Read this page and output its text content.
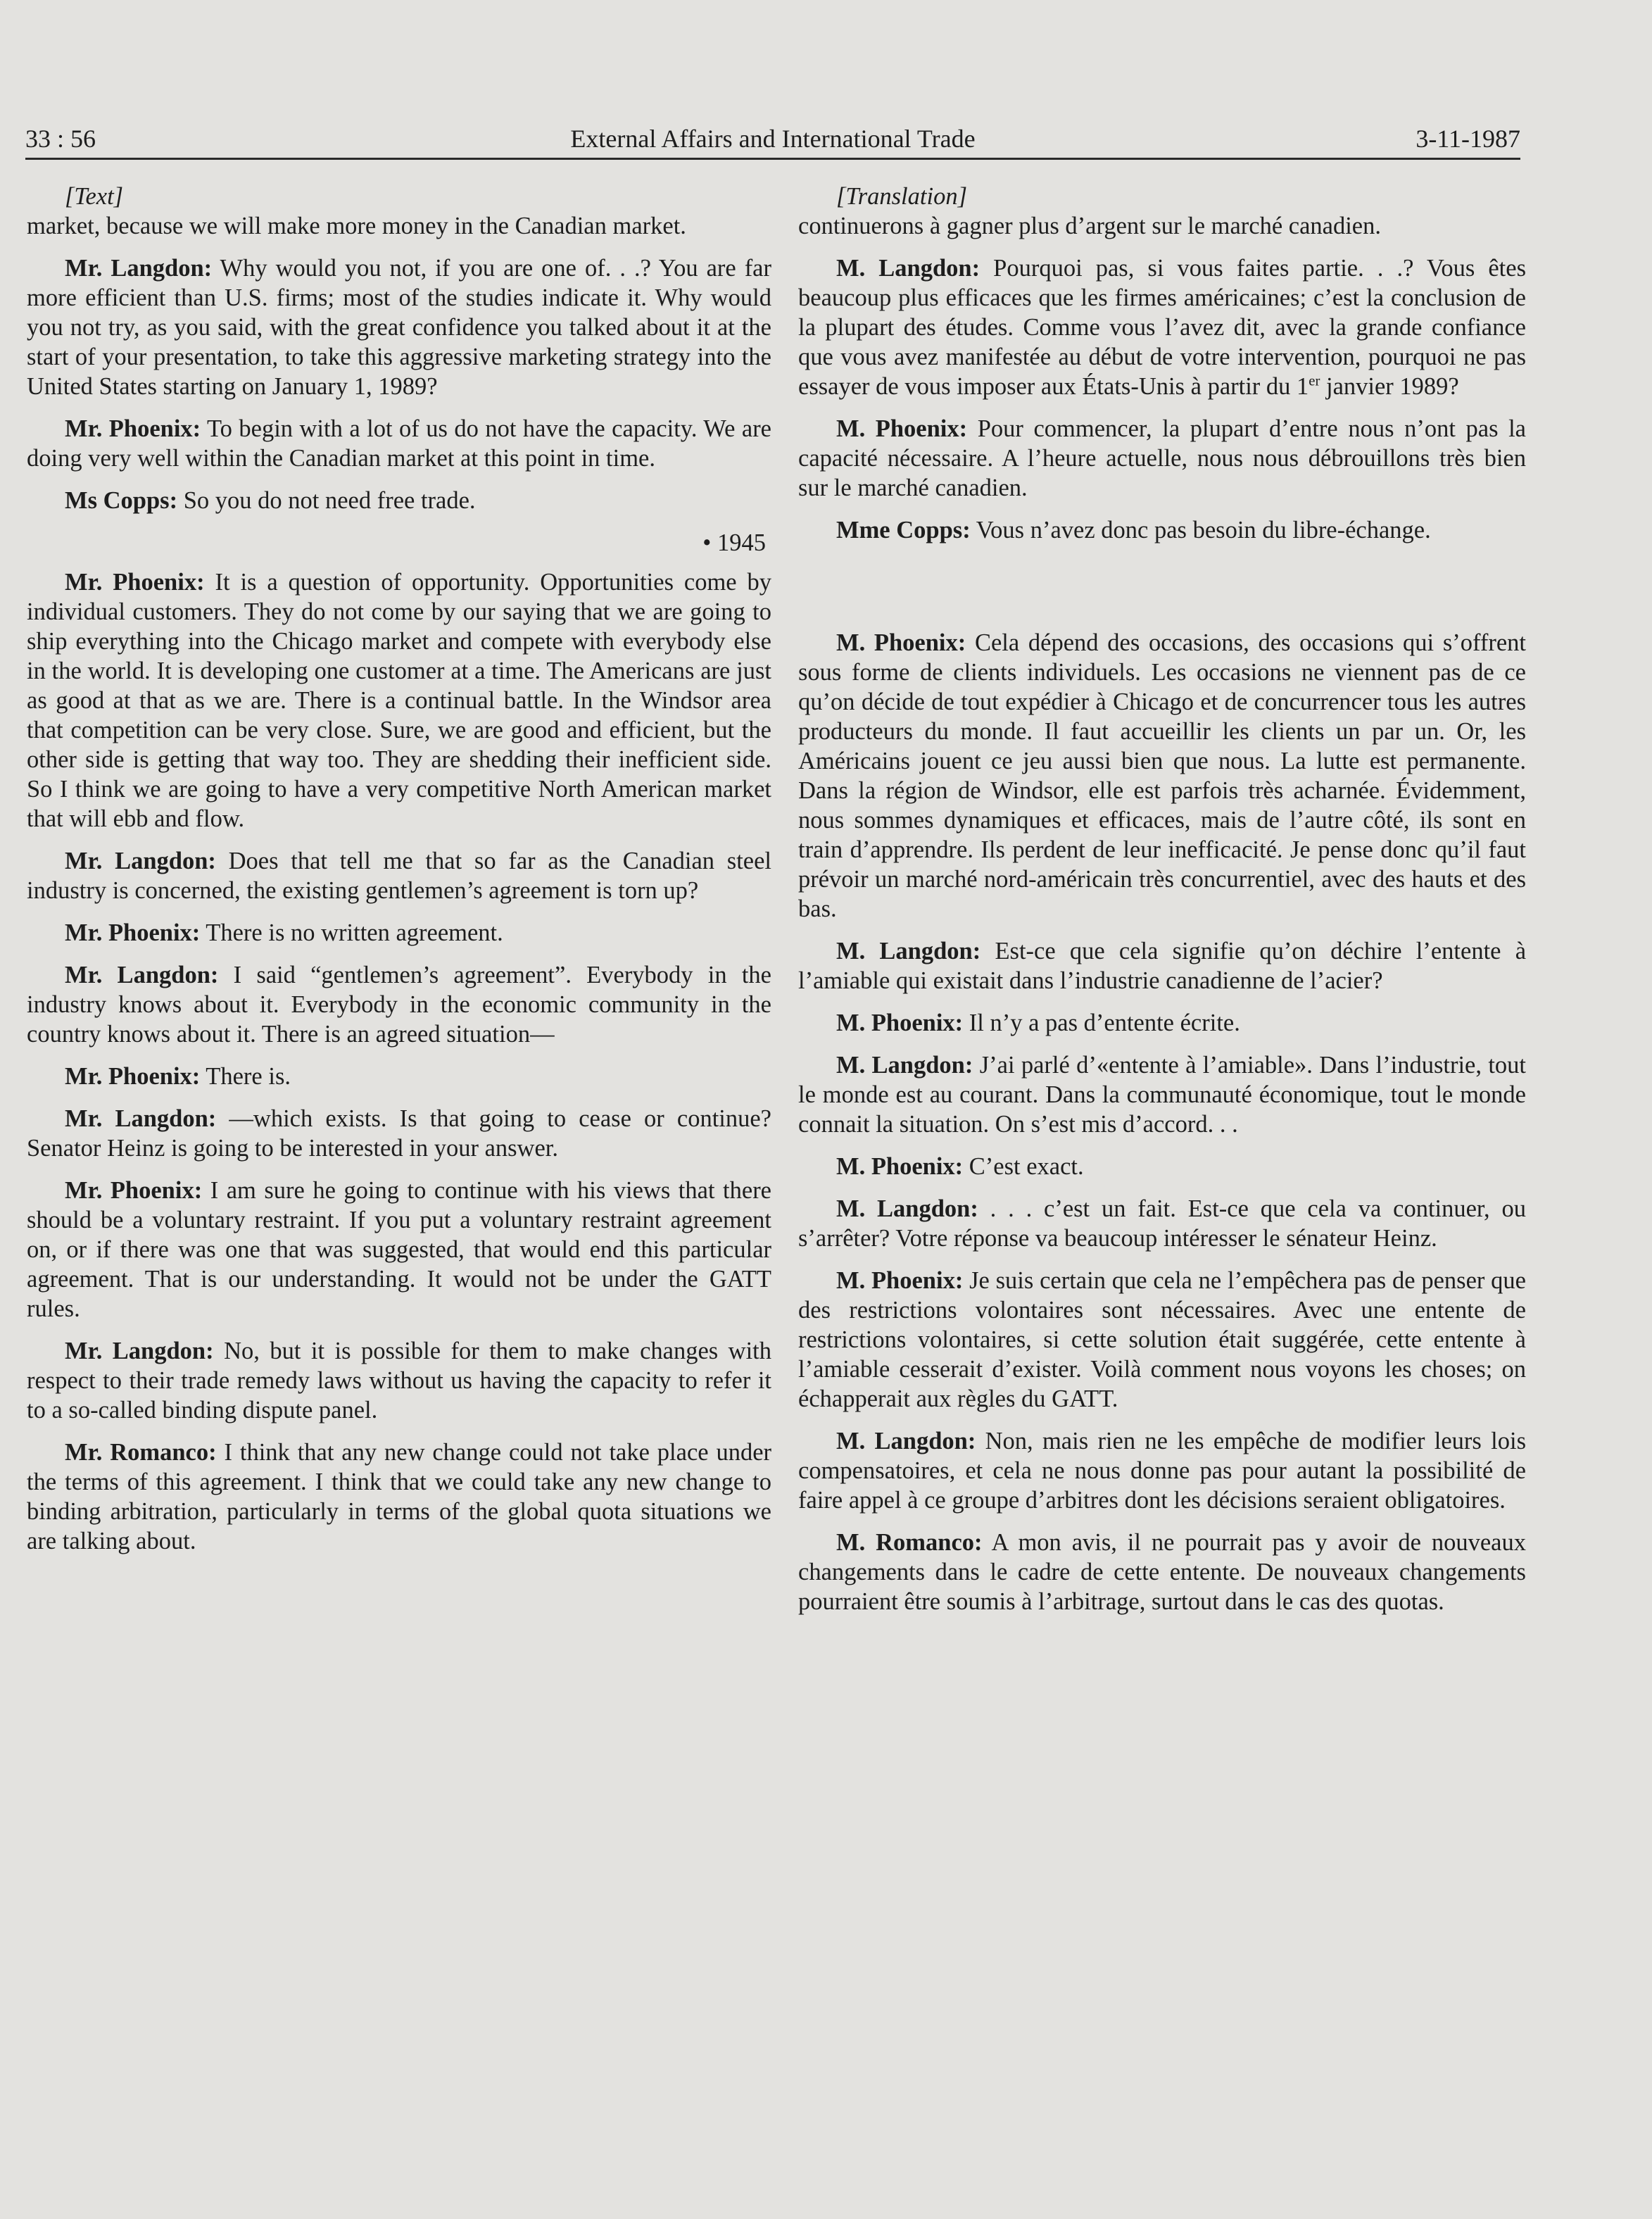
33 : 56	External Affairs and International Trade	3-11-1987

[Text]

market, because we will make more money in the Canadian market.

Mr. Langdon: Why would you not, if you are one of. . .? You are far more efficient than U.S. firms; most of the studies indicate it. Why would you not try, as you said, with the great confidence you talked about it at the start of your presentation, to take this aggressive marketing strategy into the United States starting on January 1, 1989?

Mr. Phoenix: To begin with a lot of us do not have the capacity. We are doing very well within the Canadian market at this point in time.

Ms Copps: So you do not need free trade.

• 1945

Mr. Phoenix: It is a question of opportunity. Opportunities come by individual customers. They do not come by our saying that we are going to ship everything into the Chicago market and compete with everybody else in the world. It is developing one customer at a time. The Americans are just as good at that as we are. There is a continual battle. In the Windsor area that competition can be very close. Sure, we are good and efficient, but the other side is getting that way too. They are shedding their inefficient side. So I think we are going to have a very competitive North American market that will ebb and flow.

Mr. Langdon: Does that tell me that so far as the Canadian steel industry is concerned, the existing gentlemen’s agreement is torn up?

Mr. Phoenix: There is no written agreement.

Mr. Langdon: I said “gentlemen’s agreement”. Everybody in the industry knows about it. Everybody in the economic community in the country knows about it. There is an agreed situation—

Mr. Phoenix: There is.

Mr. Langdon: —which exists. Is that going to cease or continue? Senator Heinz is going to be interested in your answer.

Mr. Phoenix: I am sure he going to continue with his views that there should be a voluntary restraint. If you put a voluntary restraint agreement on, or if there was one that was suggested, that would end this particular agreement. That is our understanding. It would not be under the GATT rules.

Mr. Langdon: No, but it is possible for them to make changes with respect to their trade remedy laws without us having the capacity to refer it to a so-called binding dispute panel.

Mr. Romanco: I think that any new change could not take place under the terms of this agreement. I think that we could take any new change to binding arbitration, particularly in terms of the global quota situations we are talking about.

[Translation]

continuerons à gagner plus d’argent sur le marché canadien.

M. Langdon: Pourquoi pas, si vous faites partie. . .? Vous êtes beaucoup plus efficaces que les firmes américaines; c’est la conclusion de la plupart des études. Comme vous l’avez dit, avec la grande confiance que vous avez manifestée au début de votre intervention, pourquoi ne pas essayer de vous imposer aux États-Unis à partir du 1er janvier 1989?

M. Phoenix: Pour commencer, la plupart d’entre nous n’ont pas la capacité nécessaire. A l’heure actuelle, nous nous débrouillons très bien sur le marché canadien.

Mme Copps: Vous n’avez donc pas besoin du libre-échange.

M. Phoenix: Cela dépend des occasions, des occasions qui s’offrent sous forme de clients individuels. Les occasions ne viennent pas de ce qu’on décide de tout expédier à Chicago et de concurrencer tous les autres producteurs du monde. Il faut accueillir les clients un par un. Or, les Américains jouent ce jeu aussi bien que nous. La lutte est permanente. Dans la région de Windsor, elle est parfois très acharnée. Évidemment, nous sommes dynamiques et efficaces, mais de l’autre côté, ils sont en train d’apprendre. Ils perdent de leur inefficacité. Je pense donc qu’il faut prévoir un marché nord-américain très concurrentiel, avec des hauts et des bas.

M. Langdon: Est-ce que cela signifie qu’on déchire l’entente à l’amiable qui existait dans l’industrie canadienne de l’acier?

M. Phoenix: Il n’y a pas d’entente écrite.

M. Langdon: J’ai parlé d’«entente à l’amiable». Dans l’industrie, tout le monde est au courant. Dans la communauté économique, tout le monde connait la situation. On s’est mis d’accord. . .

M. Phoenix: C’est exact.

M. Langdon: . . . c’est un fait. Est-ce que cela va continuer, ou s’arrêter? Votre réponse va beaucoup intéresser le sénateur Heinz.

M. Phoenix: Je suis certain que cela ne l’empêchera pas de penser que des restrictions volontaires sont nécessaires. Avec une entente de restrictions volontaires, si cette solution était suggérée, cette entente à l’amiable cesserait d’exister. Voilà comment nous voyons les choses; on échapperait aux règles du GATT.

M. Langdon: Non, mais rien ne les empêche de modifier leurs lois compensatoires, et cela ne nous donne pas pour autant la possibilité de faire appel à ce groupe d’arbitres dont les décisions seraient obligatoires.

M. Romanco: A mon avis, il ne pourrait pas y avoir de nouveaux changements dans le cadre de cette entente. De nouveaux changements pourraient être soumis à l’arbitrage, surtout dans le cas des quotas.
